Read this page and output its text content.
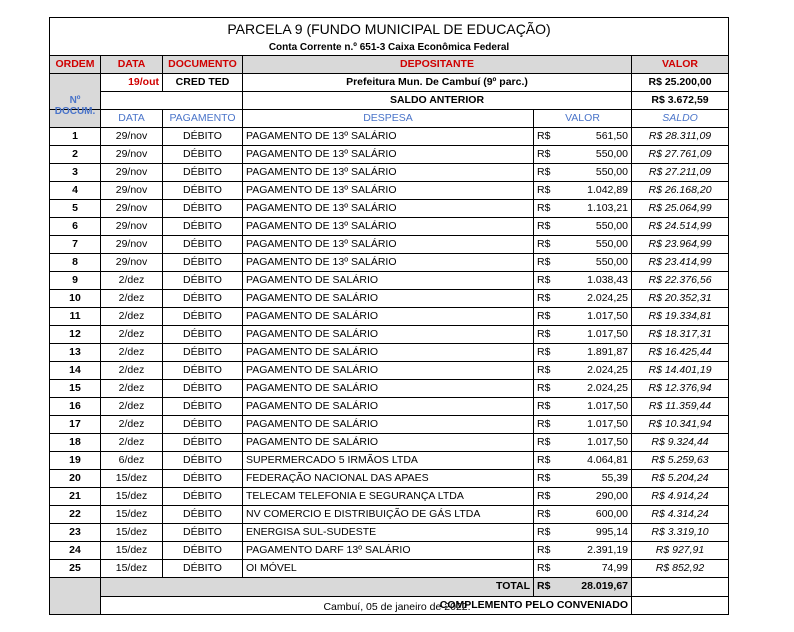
PARCELA 9 (FUNDO MUNICIPAL DE EDUCAÇÃO)						
Conta Corrente n.º 651-3 Caixa Econômica Federal						
ORDEM	DATA	DOCUMENTO	DEPOSITANTE			VALOR

Nº DOCUM.	19/out	CRED TED	Prefeitura Mun. De Cambuí (9º parc.)			R$ 25.200,00
			SALDO ANTERIOR			R$ 3.672,59
	DATA	PAGAMENTO	DESPESA	VALOR		SALDO
1	29/nov	DÉBITO	PAGAMENTO DE 13º SALÁRIO	R$	561,50	R$ 28.311,09
2	29/nov	DÉBITO	PAGAMENTO DE 13º SALÁRIO	R$	550,00	R$ 27.761,09
3	29/nov	DÉBITO	PAGAMENTO DE 13º SALÁRIO	R$	550,00	R$ 27.211,09
4	29/nov	DÉBITO	PAGAMENTO DE 13º SALÁRIO	R$	1.042,89	R$ 26.168,20
5	29/nov	DÉBITO	PAGAMENTO DE 13º SALÁRIO	R$	1.103,21	R$ 25.064,99
6	29/nov	DÉBITO	PAGAMENTO DE 13º SALÁRIO	R$	550,00	R$ 24.514,99
7	29/nov	DÉBITO	PAGAMENTO DE 13º SALÁRIO	R$	550,00	R$ 23.964,99
8	29/nov	DÉBITO	PAGAMENTO DE 13º SALÁRIO	R$	550,00	R$ 23.414,99
9	2/dez	DÉBITO	PAGAMENTO DE SALÁRIO	R$	1.038,43	R$ 22.376,56
10	2/dez	DÉBITO	PAGAMENTO DE SALÁRIO	R$	2.024,25	R$ 20.352,31
11	2/dez	DÉBITO	PAGAMENTO DE SALÁRIO	R$	1.017,50	R$ 19.334,81
12	2/dez	DÉBITO	PAGAMENTO DE SALÁRIO	R$	1.017,50	R$ 18.317,31
13	2/dez	DÉBITO	PAGAMENTO DE SALÁRIO	R$	1.891,87	R$ 16.425,44
14	2/dez	DÉBITO	PAGAMENTO DE SALÁRIO	R$	2.024,25	R$ 14.401,19
15	2/dez	DÉBITO	PAGAMENTO DE SALÁRIO	R$	2.024,25	R$ 12.376,94
16	2/dez	DÉBITO	PAGAMENTO DE SALÁRIO	R$	1.017,50	R$ 11.359,44
17	2/dez	DÉBITO	PAGAMENTO DE SALÁRIO	R$	1.017,50	R$ 10.341,94
18	2/dez	DÉBITO	PAGAMENTO DE SALÁRIO	R$	1.017,50	R$ 9.324,44
19	6/dez	DÉBITO	SUPERMERCADO 5 IRMÃOS LTDA	R$	4.064,81	R$ 5.259,63
20	15/dez	DÉBITO	FEDERAÇÃO NACIONAL DAS APAES	R$	55,39	R$ 5.204,24
21	15/dez	DÉBITO	TELECAM TELEFONIA E SEGURANÇA LTDA	R$	290,00	R$ 4.914,24
22	15/dez	DÉBITO	NV COMERCIO E DISTRIBUIÇÃO DE GÁS LTDA	R$	600,00	R$ 4.314,24
23	15/dez	DÉBITO	ENERGISA SUL-SUDESTE	R$	995,14	R$ 3.319,10
24	15/dez	DÉBITO	PAGAMENTO DARF 13º SALÁRIO	R$	2.391,19	R$ 927,91
25	15/dez	DÉBITO	OI MÓVEL	R$	74,99	R$ 852,92
	TOTAL			R$	28.019,67	
	COMPLEMENTO PELO CONVENIADO					
Cambuí, 05 de janeiro de 2022.
